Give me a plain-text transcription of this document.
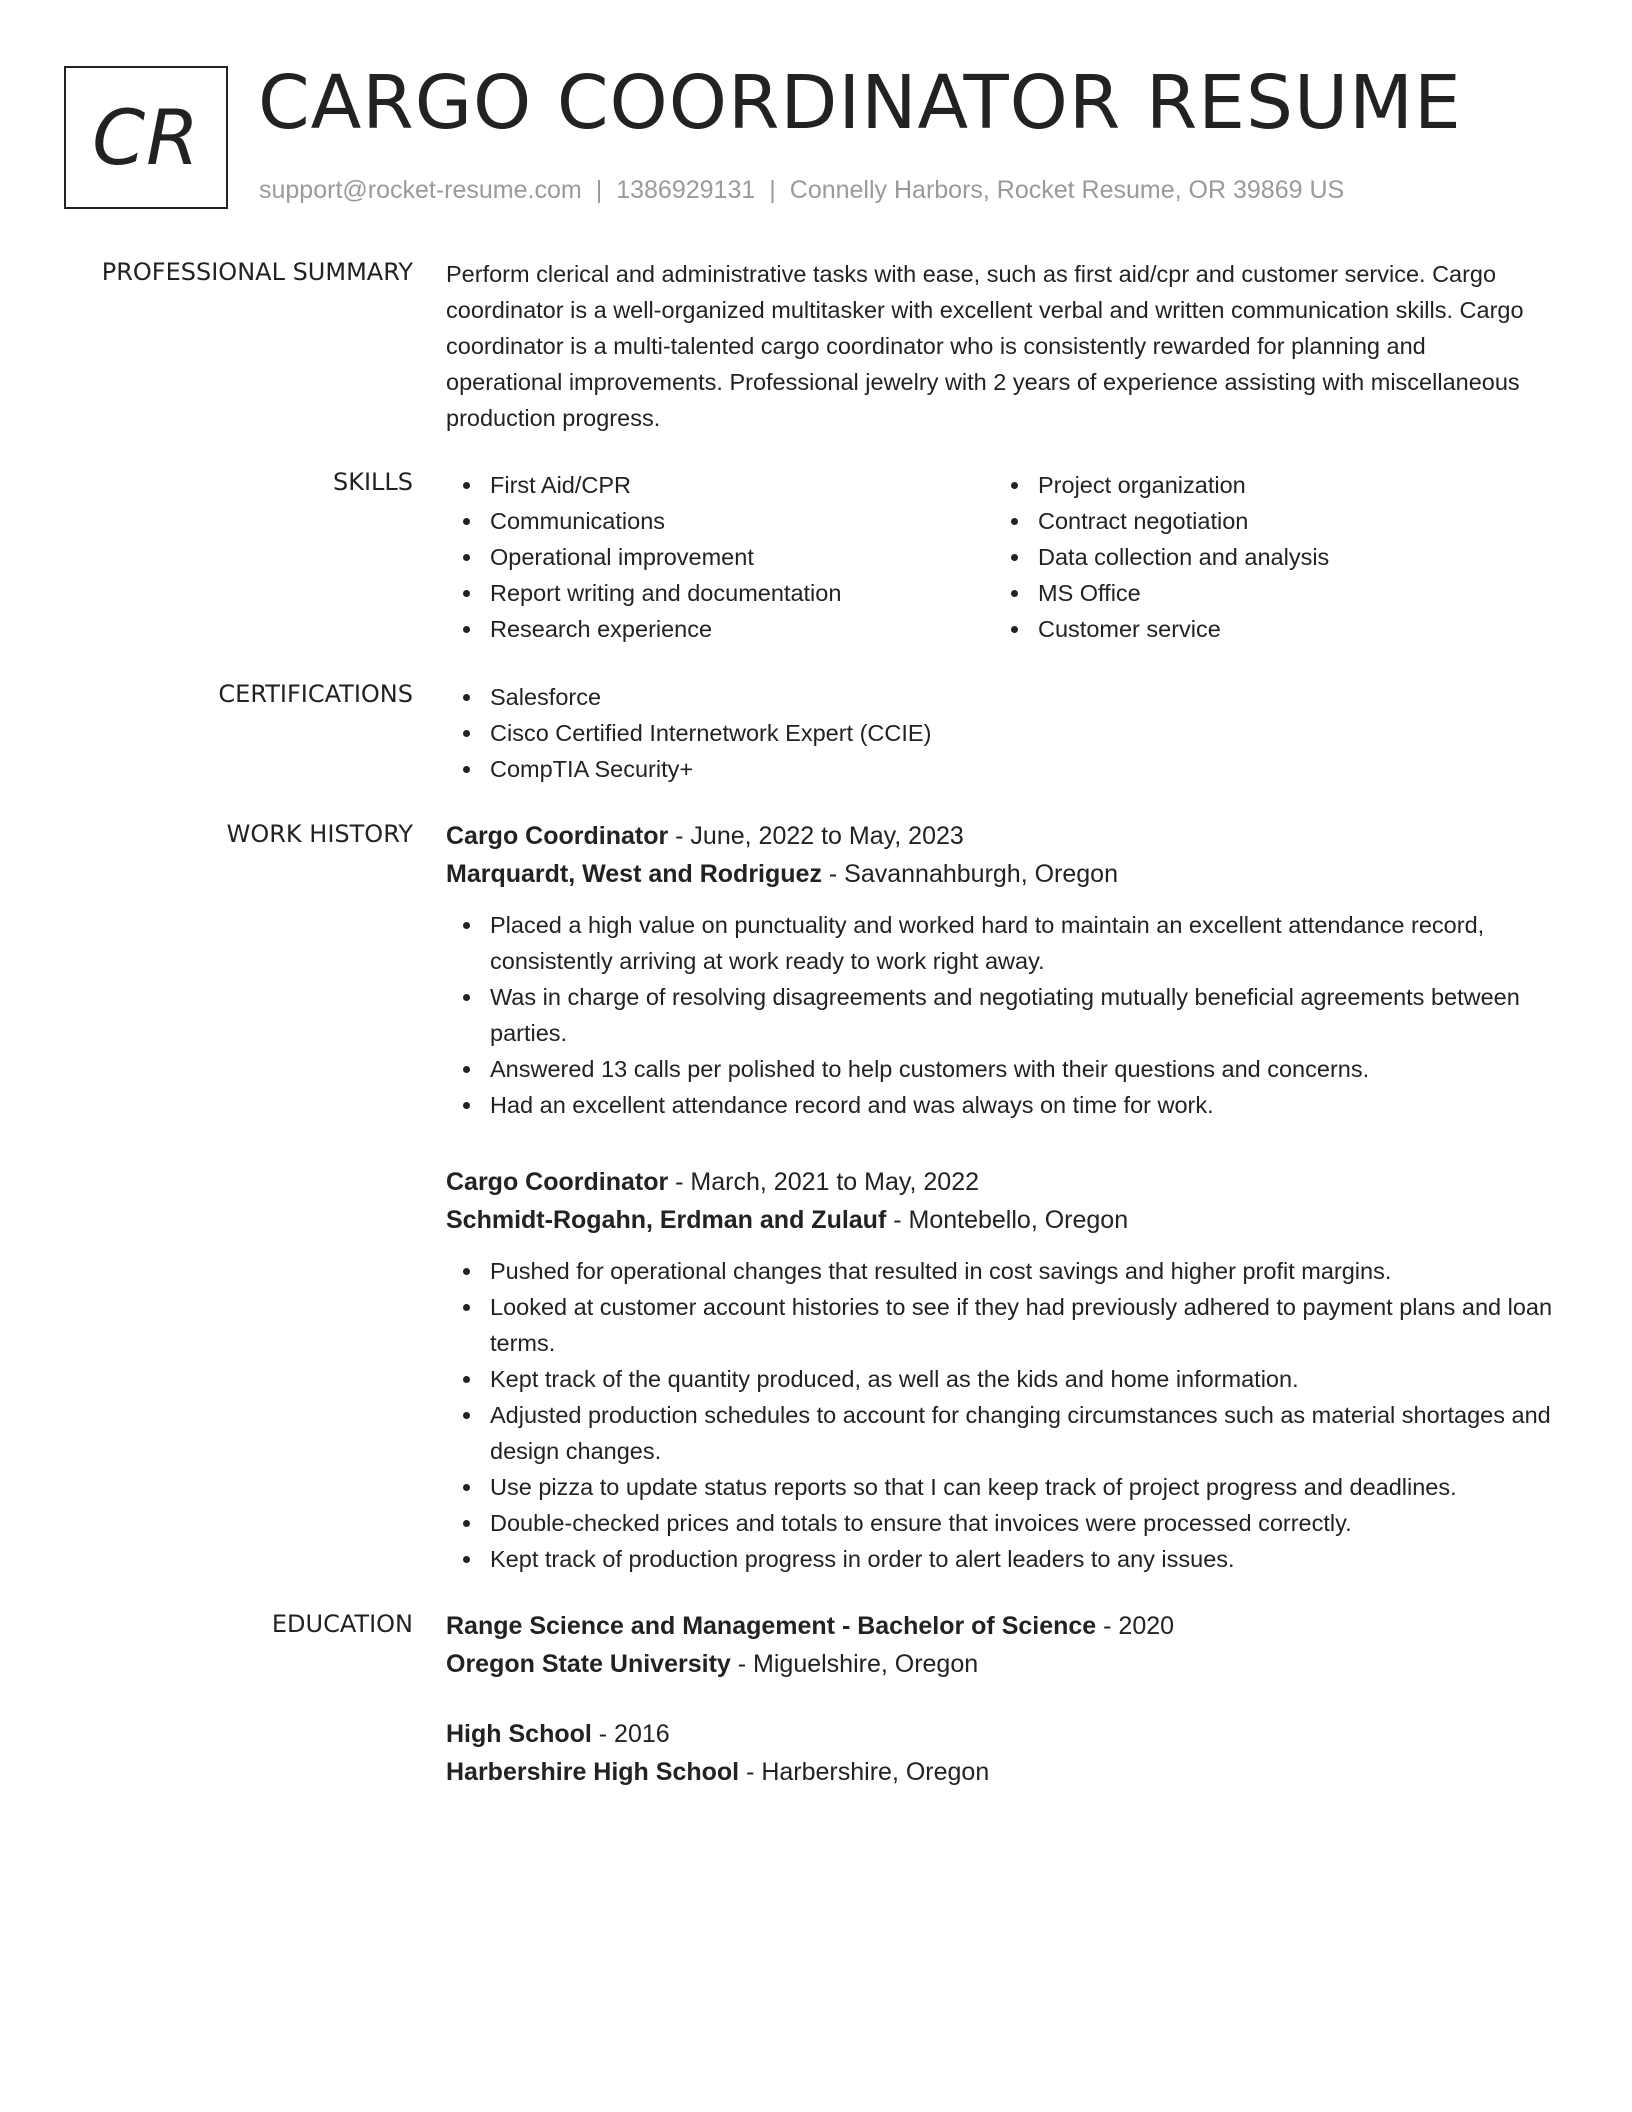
CR CARGO COORDINATOR RESUME
support@rocket-resume.com | 1386929131 | Connelly Harbors, Rocket Resume, OR 39869 US
PROFESSIONAL SUMMARY Perform clerical and administrative tasks with ease, such as first aid/cpr and customer service. Cargo coordinator is a well-organized multitasker with excellent verbal and written communication skills. Cargo coordinator is a multi-talented cargo coordinator who is consistently rewarded for planning and operational improvements. Professional jewelry with 2 years of experience assisting with miscellaneous production progress.
SKILLS	First Aid/CPR
Communications
Operational improvement
Report writing and documentation
Research experience
Project organization
Contract negotiation
Data collection and analysis
MS Office
Customer service
CERTIFICATIONS	Salesforce
Cisco Certified Internetwork Expert (CCIE)
CompTIA Security+
WORK HISTORY Cargo Coordinator - June, 2022 to May, 2023
Marquardt, West and Rodriguez - Savannahburgh, Oregon
Placed a high value on punctuality and worked hard to maintain an excellent attendance record, consistently arriving at work ready to work right away.
Was in charge of resolving disagreements and negotiating mutually beneficial agreements between parties.
Answered 13 calls per polished to help customers with their questions and concerns.
Had an excellent attendance record and was always on time for work.
Cargo Coordinator - March, 2021 to May, 2022
Schmidt-Rogahn, Erdman and Zulauf - Montebello, Oregon
Pushed for operational changes that resulted in cost savings and higher profit margins.
Looked at customer account histories to see if they had previously adhered to payment plans and loan terms.
Kept track of the quantity produced, as well as the kids and home information.
Adjusted production schedules to account for changing circumstances such as material shortages and design changes.
Use pizza to update status reports so that I can keep track of project progress and deadlines.
Double-checked prices and totals to ensure that invoices were processed correctly.
Kept track of production progress in order to alert leaders to any issues.
EDUCATION Range Science and Management - Bachelor of Science - 2020
Oregon State University - Miguelshire, Oregon
High School - 2016
Harbershire High School - Harbershire, Oregon
